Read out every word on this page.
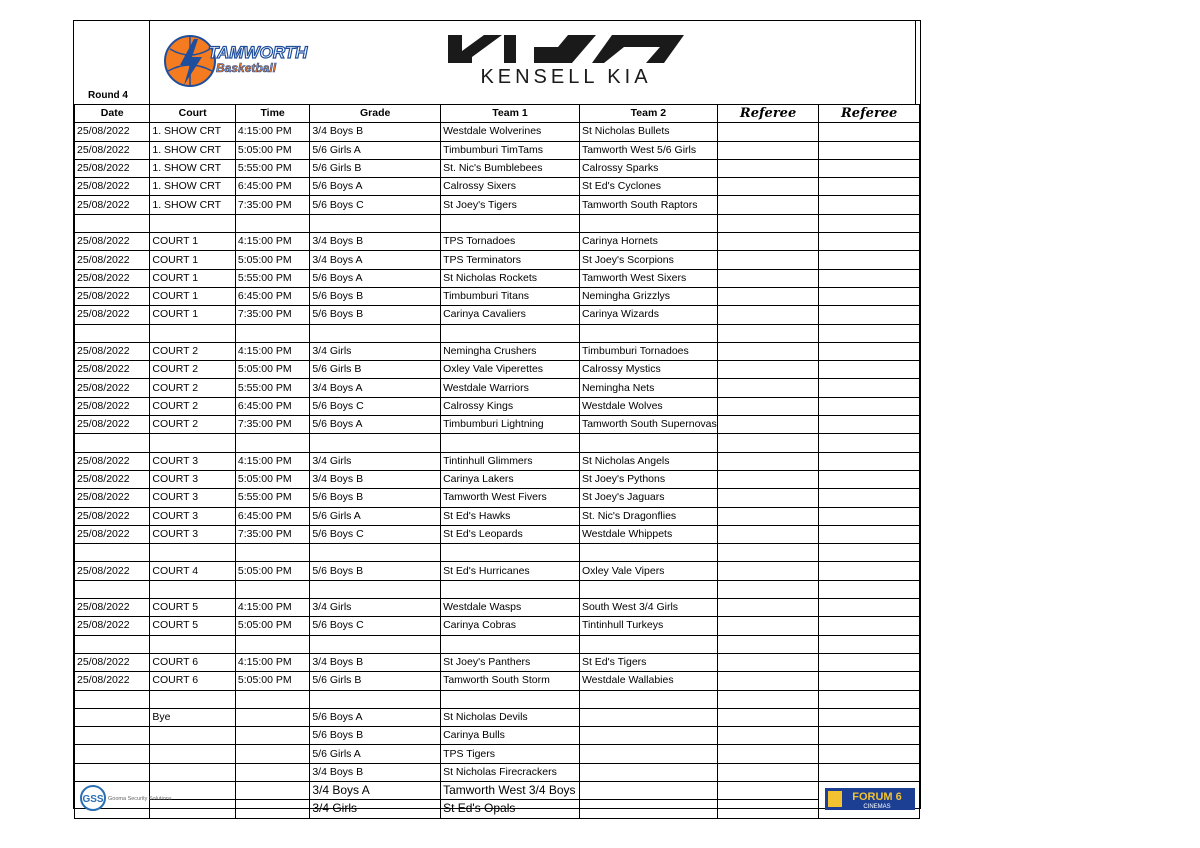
TAMWORTH
Basketball	KENSELL KIA
Round 4
Date	Court	Time	Grade	Team 1	Team 2	Referee	Referee
25/08/2022	1. SHOW CRT	4:15:00 PM	3/4 Boys B	Westdale Wolverines	St Nicholas Bullets		
25/08/2022	1. SHOW CRT	5:05:00 PM	5/6 Girls A	Timbumburi TimTams	Tamworth West 5/6 Girls		
25/08/2022	1. SHOW CRT	5:55:00 PM	5/6 Girls B	St. Nic's Bumblebees	Calrossy Sparks		
25/08/2022	1. SHOW CRT	6:45:00 PM	5/6 Boys A	Calrossy Sixers	St Ed's Cyclones		
25/08/2022	1. SHOW CRT	7:35:00 PM	5/6 Boys C	St Joey's Tigers	Tamworth South Raptors		

25/08/2022	COURT 1	4:15:00 PM	3/4 Boys B	TPS Tornadoes	Carinya Hornets		
25/08/2022	COURT 1	5:05:00 PM	3/4 Boys A	TPS Terminators	St Joey's Scorpions		
25/08/2022	COURT 1	5:55:00 PM	5/6 Boys A	St Nicholas Rockets	Tamworth West Sixers		
25/08/2022	COURT 1	6:45:00 PM	5/6 Boys B	Timbumburi Titans	Nemingha Grizzlys		
25/08/2022	COURT 1	7:35:00 PM	5/6 Boys B	Carinya Cavaliers	Carinya Wizards		

25/08/2022	COURT 2	4:15:00 PM	3/4 Girls	Nemingha Crushers	Timbumburi Tornadoes		
25/08/2022	COURT 2	5:05:00 PM	5/6 Girls B	Oxley Vale Viperettes	Calrossy Mystics		
25/08/2022	COURT 2	5:55:00 PM	3/4 Boys A	Westdale Warriors	Nemingha Nets		
25/08/2022	COURT 2	6:45:00 PM	5/6 Boys C	Calrossy Kings	Westdale Wolves		
25/08/2022	COURT 2	7:35:00 PM	5/6 Boys A	Timbumburi Lightning	Tamworth South Supernovas		

25/08/2022	COURT 3	4:15:00 PM	3/4 Girls	Tintinhull Glimmers	St Nicholas Angels		
25/08/2022	COURT 3	5:05:00 PM	3/4 Boys B	Carinya Lakers	St Joey's Pythons		
25/08/2022	COURT 3	5:55:00 PM	5/6 Boys B	Tamworth West Fivers	St Joey's Jaguars		
25/08/2022	COURT 3	6:45:00 PM	5/6 Girls A	St Ed's Hawks	St. Nic's Dragonflies		
25/08/2022	COURT 3	7:35:00 PM	5/6 Boys C	St Ed's Leopards	Westdale Whippets		

25/08/2022	COURT 4	5:05:00 PM	5/6 Boys B	St Ed's Hurricanes	Oxley Vale Vipers		

25/08/2022	COURT 5	4:15:00 PM	3/4 Girls	Westdale Wasps	South West 3/4 Girls		
25/08/2022	COURT 5	5:05:00 PM	5/6 Boys C	Carinya Cobras	Tintinhull Turkeys		

25/08/2022	COURT 6	4:15:00 PM	3/4 Boys B	St Joey's Panthers	St Ed's Tigers		
25/08/2022	COURT 6	5:05:00 PM	5/6 Girls B	Tamworth South Storm	Westdale Wallabies		

	Bye		5/6 Boys A	St Nicholas Devils			
			5/6 Boys B	Carinya Bulls			
			5/6 Girls A	TPS Tigers			
			3/4 Boys B	St Nicholas Firecrackers			

GSS Gooma Security Solutions			3/4 Boys A	Tamworth West 3/4 Boys			FORUM 6
CINEMAS

			3/4 Girls	St Ed's Opals			
